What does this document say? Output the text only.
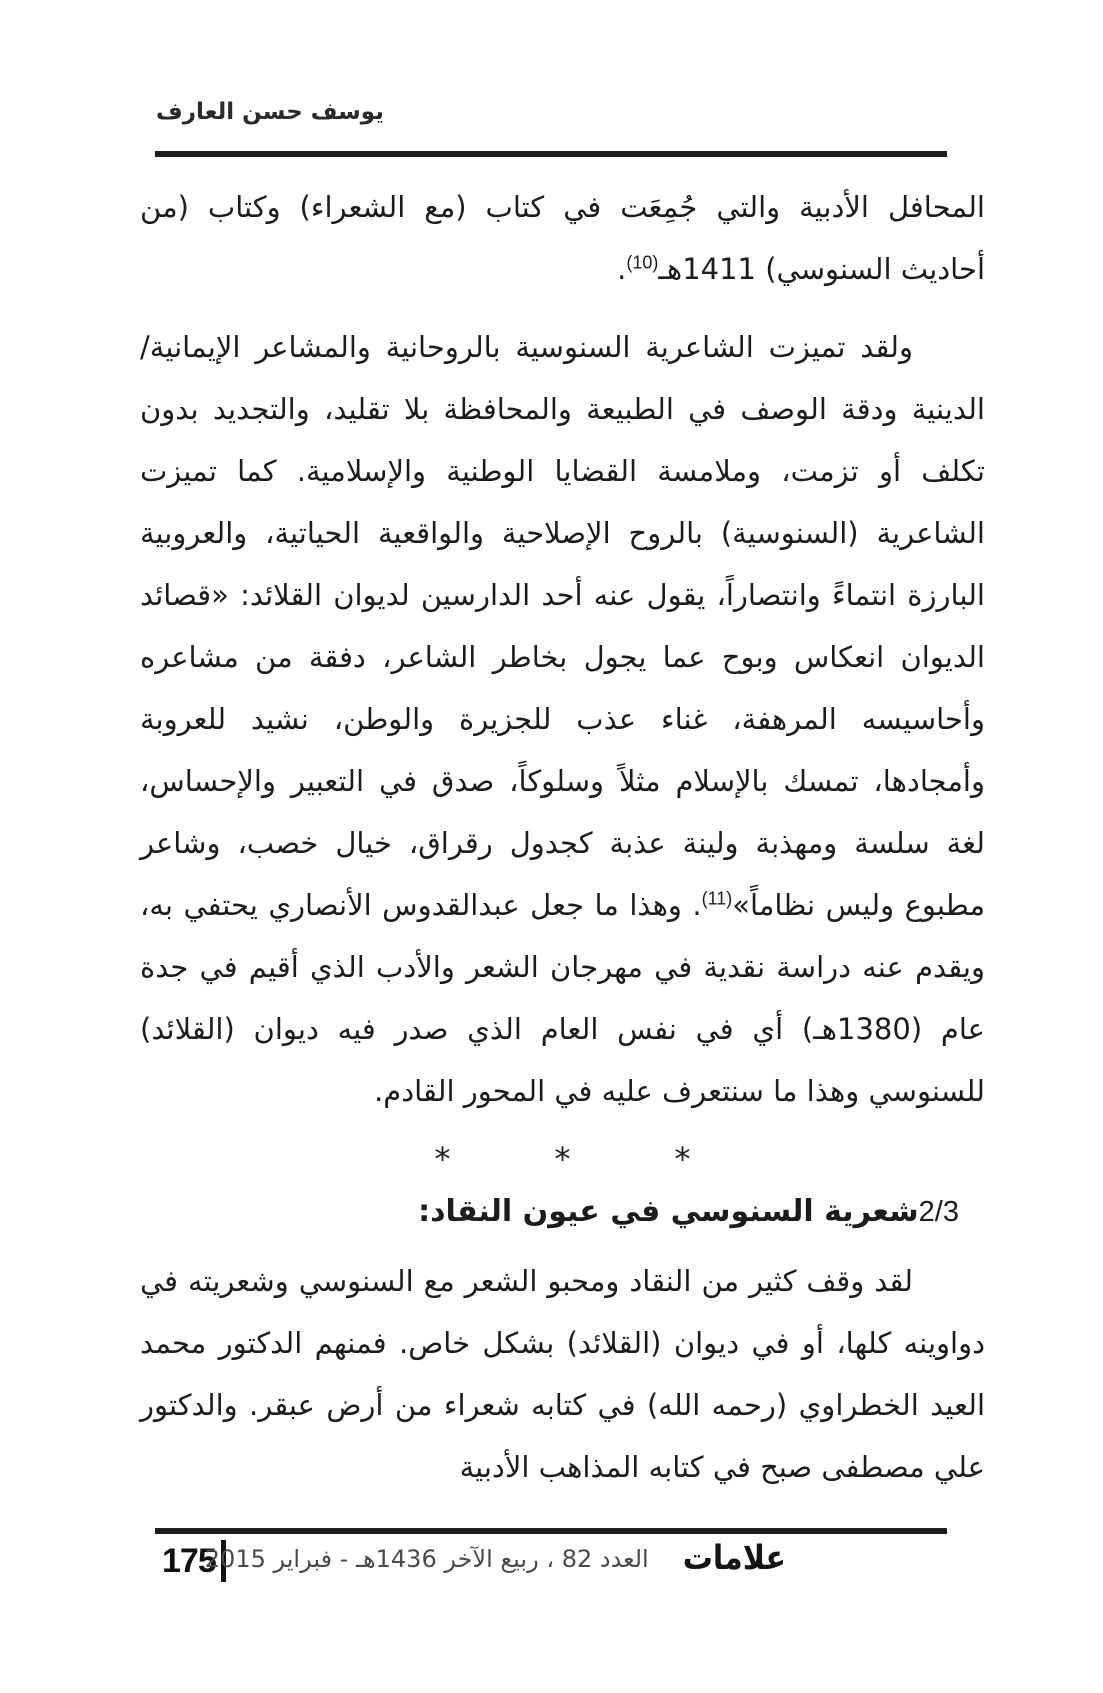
يوسف حسن العارف

المحافل الأدبية والتي جُمِعَت في كتاب (مع الشعراء) وكتاب (من أحاديث السنوسي) 1411هـ$^{(10)}$.

ولقد تميزت الشاعرية السنوسية بالروحانية والمشاعر الإيمانية/ الدينية ودقة الوصف في الطبيعة والمحافظة بلا تقليد، والتجديد بدون تكلف أو تزمت، وملامسة القضايا الوطنية والإسلامية. كما تميزت الشاعرية (السنوسية) بالروح الإصلاحية والواقعية الحياتية، والعروبية البارزة انتماءً وانتصاراً، يقول عنه أحد الدارسين لديوان القلائد: «قصائد الديوان انعكاس وبوح عما يجول بخاطر الشاعر، دفقة من مشاعره وأحاسيسه المرهفة، غناء عذب للجزيرة والوطن، نشيد للعروبة وأمجادها، تمسك بالإسلام مثلاً وسلوكاً، صدق في التعبير والإحساس، لغة سلسة ومهذبة ولينة عذبة كجدول رقراق، خيال خصب، وشاعر مطبوع وليس نظاماً»$^{(11)}$. وهذا ما جعل عبدالقدوس الأنصاري يحتفي به، ويقدم عنه دراسة نقدية في مهرجان الشعر والأدب الذي أقيم في جدة عام (1380هـ) أي في نفس العام الذي صدر فيه ديوان (القلائد) للسنوسي وهذا ما سنتعرف عليه في المحور القادم.

***
2/3شعرية السنوسي في عيون النقاد:

لقد وقف كثير من النقاد ومحبو الشعر مع السنوسي وشعريته في دواوينه كلها، أو في ديوان (القلائد) بشكل خاص. فمنهم الدكتور محمد العيد الخطراوي (رحمه الله) في كتابه شعراء من أرض عبقر. والدكتور علي مصطفى صبح في كتابه المذاهب الأدبية

175	علامات
العدد 82 ، ربيع الآخر 1436هـ - فبراير 2015
